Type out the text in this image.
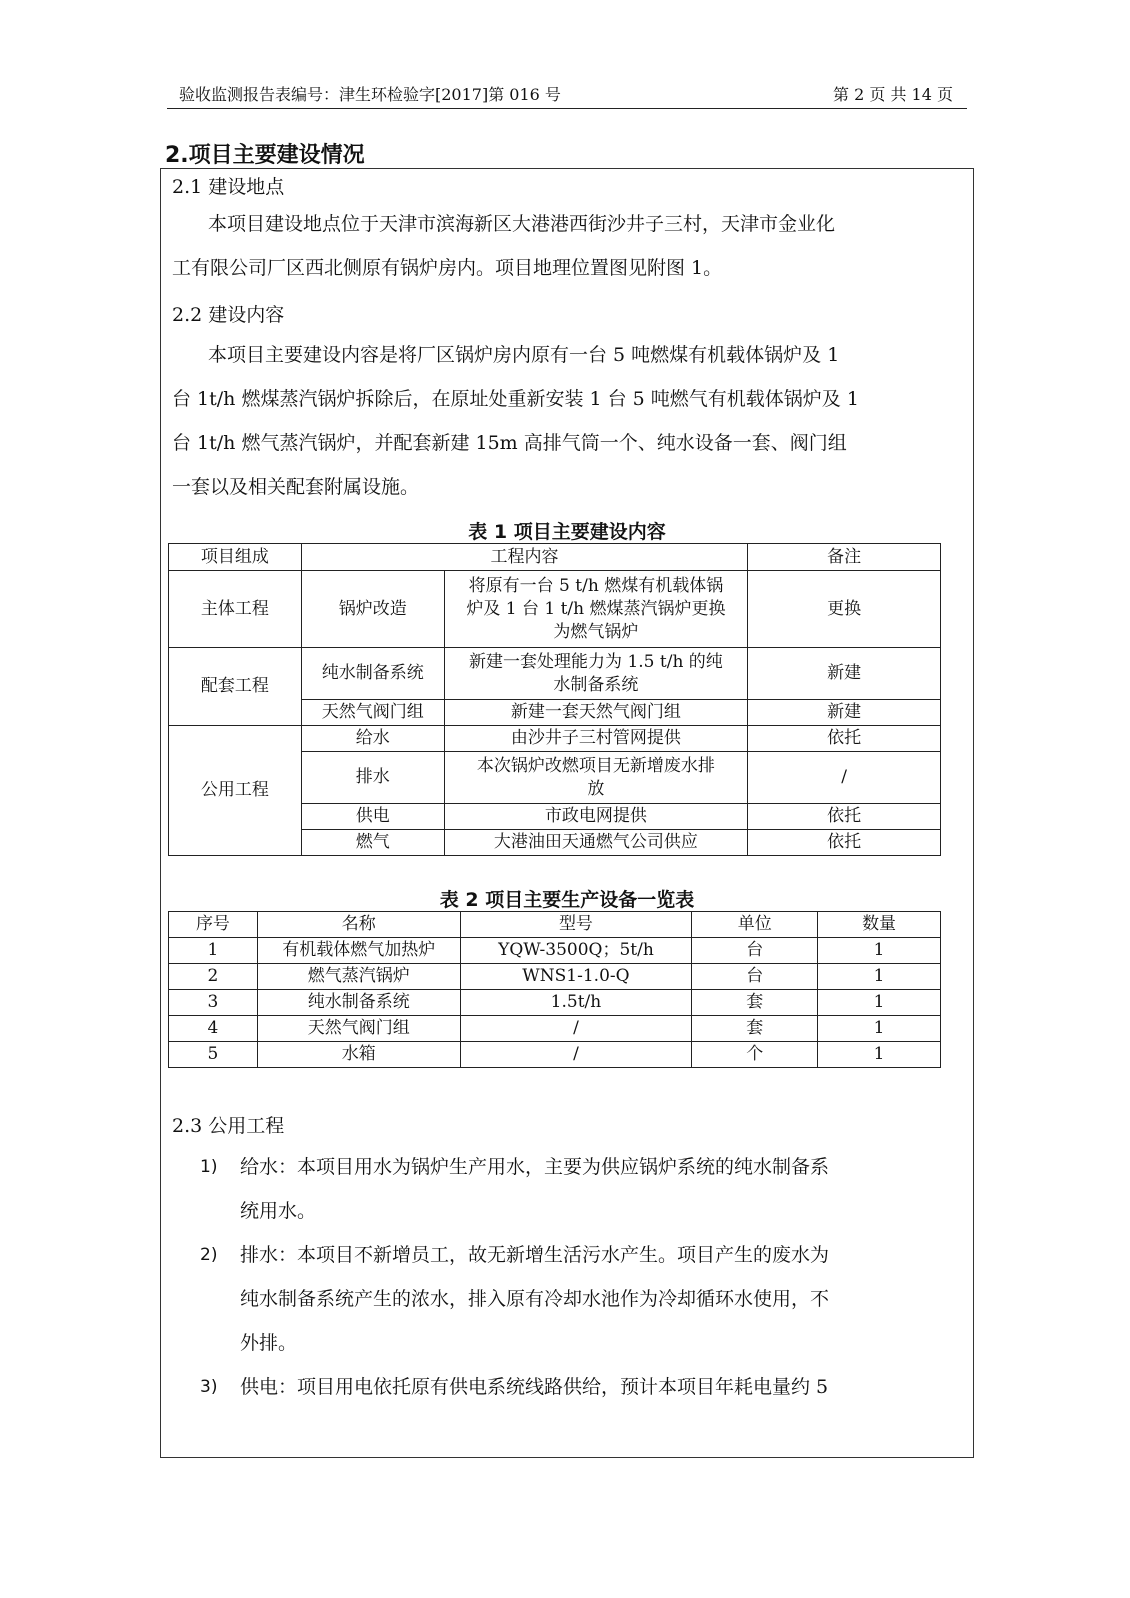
验收监测报告表编号：津生环检验字[2017]第 016 号	第 2 页 共 14 页
2.项目主要建设情况
2.1 建设地点
本项目建设地点位于天津市滨海新区大港港西街沙井子三村，天津市金业化
工有限公司厂区西北侧原有锅炉房内。项目地理位置图见附图 1。
2.2 建设内容
本项目主要建设内容是将厂区锅炉房内原有一台 5 吨燃煤有机载体锅炉及 1
台 1t/h 燃煤蒸汽锅炉拆除后，在原址处重新安装 1 台 5 吨燃气有机载体锅炉及 1
台 1t/h 燃气蒸汽锅炉，并配套新建 15m 高排气筒一个、纯水设备一套、阀门组
一套以及相关配套附属设施。
表 1 项目主要建设内容
项目组成	工程内容		备注
主体工程	锅炉改造	将原有一台 5 t/h 燃煤有机载体锅
炉及 1 台 1 t/h 燃煤蒸汽锅炉更换
为燃气锅炉	更换
配套工程	纯水制备系统	新建一套处理能力为 1.5 t/h 的纯
水制备系统	新建
	天然气阀门组	新建一套天然气阀门组	新建
公用工程	给水	由沙井子三村管网提供	依托
	排水	本次锅炉改燃项目无新增废水排
放	/
	供电	市政电网提供	依托
	燃气	大港油田天通燃气公司供应	依托
表 2 项目主要生产设备一览表
序号	名称	型号	单位	数量
1	有机载体燃气加热炉	YQW-3500Q；5t/h	台	1
2	燃气蒸汽锅炉	WNS1-1.0-Q	台	1
3	纯水制备系统	1.5t/h	套	1
4	天然气阀门组	/	套	1
5	水箱	/	个	1
2.3 公用工程
1) 给水：本项目用水为锅炉生产用水，主要为供应锅炉系统的纯水制备系
统用水。
2) 排水：本项目不新增员工，故无新增生活污水产生。项目产生的废水为
纯水制备系统产生的浓水，排入原有冷却水池作为冷却循环水使用，不
外排。
3) 供电：项目用电依托原有供电系统线路供给，预计本项目年耗电量约 5
